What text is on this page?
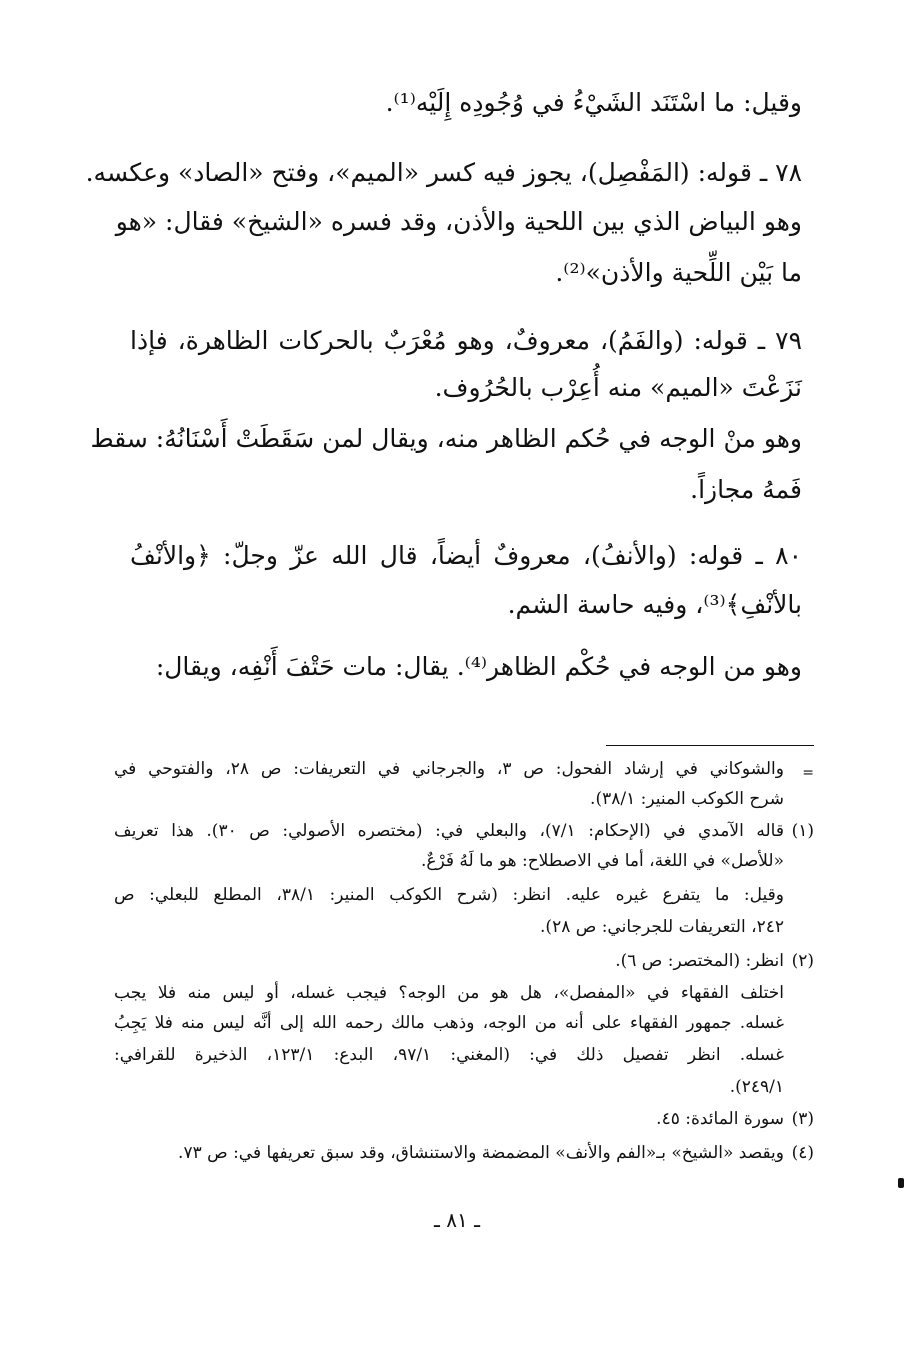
وقيل: ما اسْتَنَد الشَيْءُ في وُجُودِه إِلَيْه⁽¹⁾.
٧٨ ـ قوله: (المَفْصِل)، يجوز فيه كسر «الميم»، وفتح «الصاد» وعكسه.
وهو البياض الذي بين اللحية والأذن، وقد فسره «الشيخ» فقال: «هو
ما بَيْن اللِّحية والأذن»⁽²⁾.
٧٩ ـ قوله: (والفَمُ)، معروفٌ، وهو مُعْرَبٌ بالحركات الظاهرة، فإذا
نَزَعْتَ «الميم» منه أُعِرْب بالحُرُوف.
وهو منْ الوجه في حُكم الظاهر منه، ويقال لمن سَقَطَتْ أَسْنَانُهُ: سقط
فَمهُ مجازاً.
٨٠ ـ قوله: (والأنفُ)، معروفٌ أيضاً، قال الله عزّ وجلّ: ﴿والأنْفُ
بالأنْفِ﴾⁽³⁾، وفيه حاسة الشم.
وهو من الوجه في حُكْم الظاهر⁽⁴⁾. يقال: مات حَتْفَ أَنْفِه، ويقال:
=
والشوكاني في إرشاد الفحول: ص ٣، والجرجاني في التعريفات: ص ٢٨، والفتوحي في
شرح الكوكب المنير: ٣٨/١).
(١)
قاله الآمدي في (الإحكام: ٧/١)، والبعلي في: (مختصره الأصولي: ص ٣٠). هذا تعريف
«للأصل» في اللغة، أما في الاصطلاح: هو ما لَهُ فَرْعٌ.
وقيل: ما يتفرع غيره عليه. انظر: (شرح الكوكب المنير: ٣٨/١، المطلع للبعلي: ص
٢٤٢، التعريفات للجرجاني: ص ٢٨).
(٢)
انظر: (المختصر: ص ٦).
اختلف الفقهاء في «المفصل»، هل هو من الوجه؟ فيجب غسله، أو ليس منه فلا يجب
غسله. جمهور الفقهاء على أنه من الوجه، وذهب مالك رحمه الله إلى أنَّه ليس منه فلا يَجِبُ
غسله. انظر تفصيل ذلك في: (المغني: ٩٧/١، البدع: ١٢٣/١، الذخيرة للقرافي:
٢٤٩/١).
(٣)
سورة المائدة: ٤٥.
(٤)
ويقصد «الشيخ» بـ«الفم والأنف» المضمضة والاستنشاق، وقد سبق تعريفها في: ص ٧٣.
ـ ٨١ ـ
